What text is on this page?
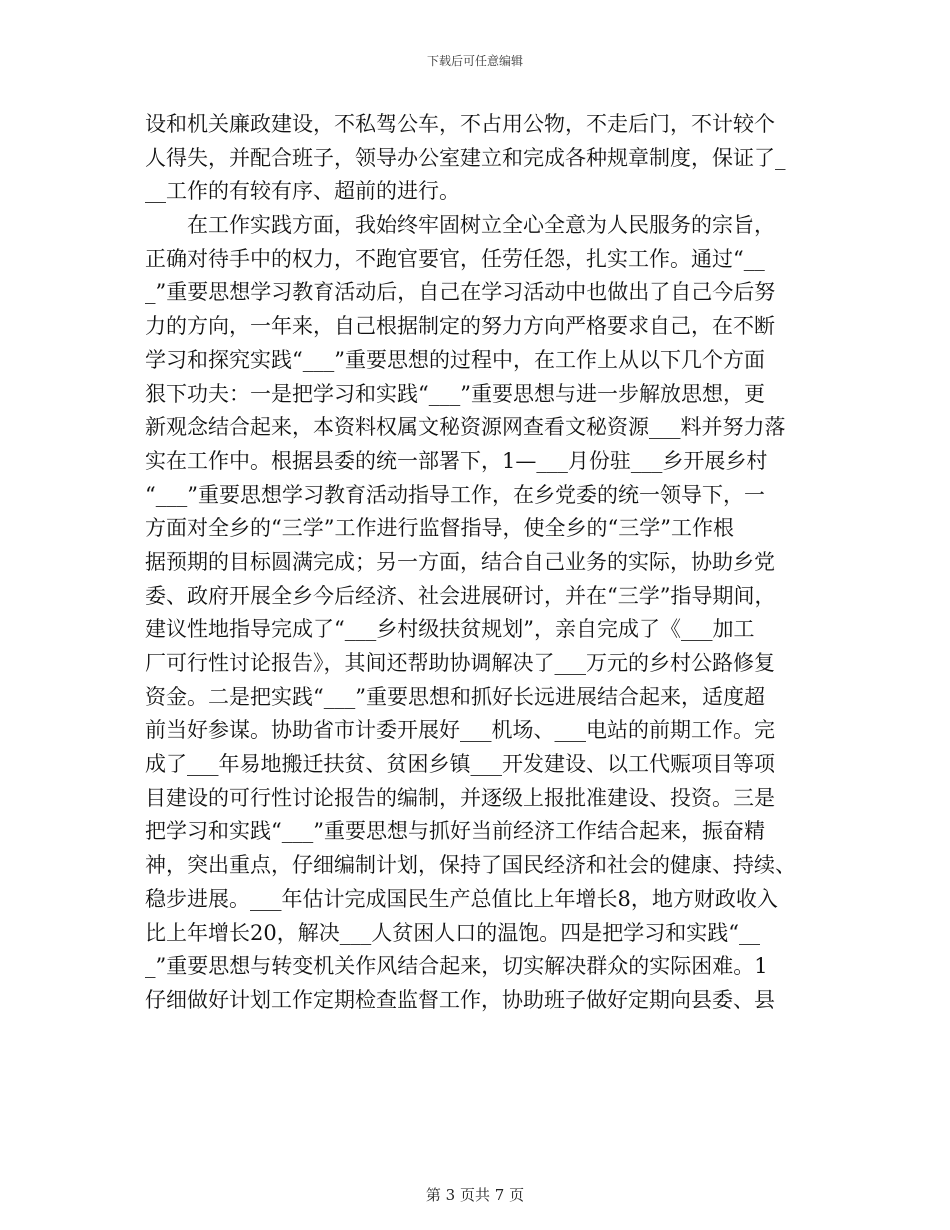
下载后可任意编辑
设和机关廉政建设，不私驾公车，不占用公物，不走后门，不计较个
人得失，并配合班子，领导办公室建立和完成各种规章制度，保证了_
__工作的有较有序、超前的进行。
在工作实践方面，我始终牢固树立全心全意为人民服务的宗旨，
正确对待手中的权力，不跑官要官，任劳任怨，扎实工作。通过“__
_”重要思想学习教育活动后，自己在学习活动中也做出了自己今后努
力的方向，一年来，自己根据制定的努力方向严格要求自己，在不断
学习和探究实践“___”重要思想的过程中，在工作上从以下几个方面
狠下功夫：一是把学习和实践“___”重要思想与进一步解放思想，更
新观念结合起来，本资料权属文秘资源网查看文秘资源___料并努力落
实在工作中。根据县委的统一部署下，1—___月份驻___乡开展乡村
“___”重要思想学习教育活动指导工作，在乡党委的统一领导下，一
方面对全乡的“三学”工作进行监督指导，使全乡的“三学”工作根
据预期的目标圆满完成；另一方面，结合自己业务的实际，协助乡党
委、政府开展全乡今后经济、社会进展研讨，并在“三学”指导期间，
建议性地指导完成了“___乡村级扶贫规划”，亲自完成了《___加工
厂可行性讨论报告》，其间还帮助协调解决了___万元的乡村公路修复
资金。二是把实践“___”重要思想和抓好长远进展结合起来，适度超
前当好参谋。协助省市计委开展好___机场、___电站的前期工作。完
成了___年易地搬迁扶贫、贫困乡镇___开发建设、以工代赈项目等项
目建设的可行性讨论报告的编制，并逐级上报批准建设、投资。三是
把学习和实践“___”重要思想与抓好当前经济工作结合起来，振奋精
神，突出重点，仔细编制计划，保持了国民经济和社会的健康、持续、
稳步进展。___年估计完成国民生产总值比上年增长8，地方财政收入
比上年增长20，解决___人贫困人口的温饱。四是把学习和实践“__
_”重要思想与转变机关作风结合起来，切实解决群众的实际困难。1
仔细做好计划工作定期检查监督工作，协助班子做好定期向县委、县
第 3 页共 7 页
